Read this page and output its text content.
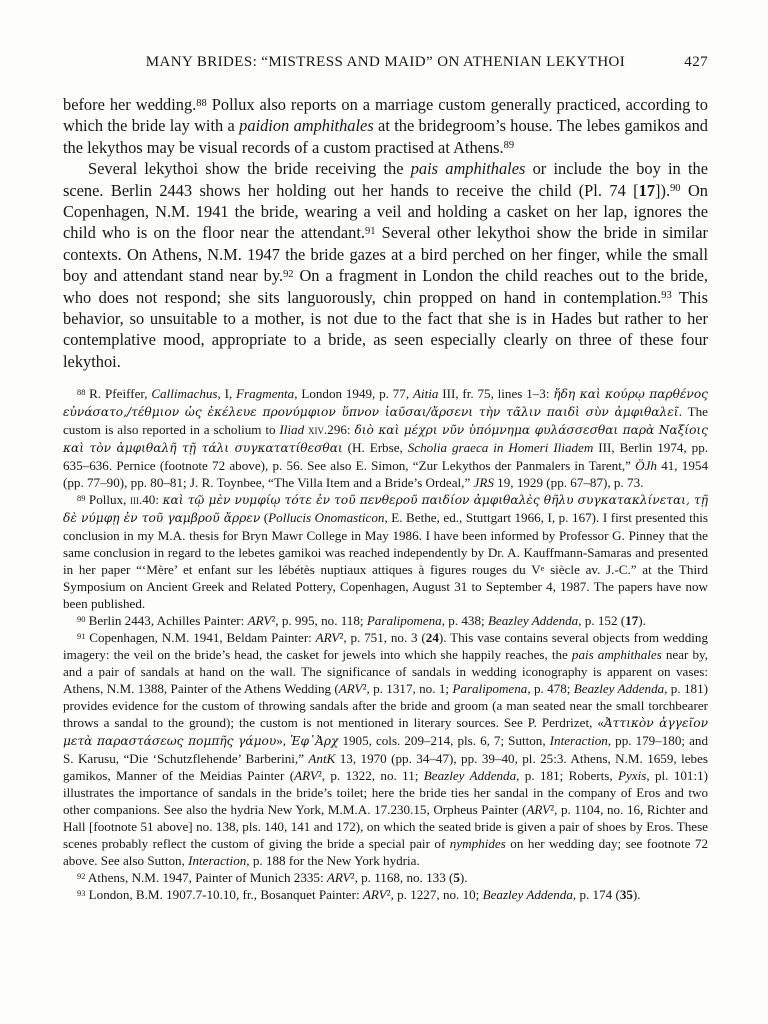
MANY BRIDES: “MISTRESS AND MAID” ON ATHENIAN LEKYTHOI	427

before her wedding.$^{88}$ Pollux also reports on a marriage custom generally practiced, according to which the bride lay with a paidion amphithales at the bridegroom’s house. The lebes gamikos and the lekythos may be visual records of a custom practised at Athens.$^{89}$

Several lekythoi show the bride receiving the pais amphithales or include the boy in the scene. Berlin 2443 shows her holding out her hands to receive the child (Pl. 74 [17]).$^{90}$ On Copenhagen, N.M. 1941 the bride, wearing a veil and holding a casket on her lap, ignores the child who is on the floor near the attendant.$^{91}$ Several other lekythoi show the bride in similar contexts. On Athens, N.M. 1947 the bride gazes at a bird perched on her finger, while the small boy and attendant stand near by.$^{92}$ On a fragment in London the child reaches out to the bride, who does not respond; she sits languorously, chin propped on hand in contemplation.$^{93}$ This behavior, so unsuitable to a mother, is not due to the fact that she is in Hades but rather to her contemplative mood, appropriate to a bride, as seen especially clearly on three of these four lekythoi.

$^{88}$ R. Pfeiffer, Callimachus, I, Fragmenta, London 1949, p. 77, Aitia III, fr. 75, lines 1–3: ἤδη καὶ κούρῳ παρθένος εὐνάσατο,/τέθμιον ὡς ἐκέλευε προνύμφιον ὕπνον ἰαῦσαι/ἄρσενι τὴν τᾶλιν παιδὶ σὺν ἀμφιθαλεῖ. The custom is also reported in a scholium to Iliad xiv.296: διὸ καὶ μέχρι νῦν ὑπόμνημα φυλάσσεσθαι παρὰ Ναξίοις καὶ τὸν ἀμφιθαλῆ τῇ τάλι συγκατατίθεσθαι (H. Erbse, Scholia graeca in Homeri Iliadem III, Berlin 1974, pp. 635–636. Pernice (footnote 72 above), p. 56. See also E. Simon, “Zur Lekythos der Panmalers in Tarent,” ÖJh 41, 1954 (pp. 77–90), pp. 80–81; J. R. Toynbee, “The Villa Item and a Bride’s Ordeal,” JRS 19, 1929 (pp. 67–87), p. 73.

$^{89}$ Pollux, iii.40: καὶ τῷ μὲν νυμφίῳ τότε ἐν τοῦ πενθεροῦ παιδίον ἀμφιθαλὲς θῆλυ συγκατακλίνεται, τῇ δὲ νύμφῃ ἐν τοῦ γαμβροῦ ἄρρεν (Pollucis Onomasticon, E. Bethe, ed., Stuttgart 1966, I, p. 167). I first presented this conclusion in my M.A. thesis for Bryn Mawr College in May 1986. I have been informed by Professor G. Pinney that the same conclusion in regard to the lebetes gamikoi was reached independently by Dr. A. Kauffmann-Samaras and presented in her paper “‘Mère’ et enfant sur les lébétès nuptiaux attiques à figures rouges du Ve siècle av. J.-C.” at the Third Symposium on Ancient Greek and Related Pottery, Copenhagen, August 31 to September 4, 1987. The papers have now been published.

$^{90}$ Berlin 2443, Achilles Painter: ARV², p. 995, no. 118; Paralipomena, p. 438; Beazley Addenda, p. 152 (17).

$^{91}$ Copenhagen, N.M. 1941, Beldam Painter: ARV², p. 751, no. 3 (24). This vase contains several objects from wedding imagery: the veil on the bride’s head, the casket for jewels into which she happily reaches, the pais amphithales near by, and a pair of sandals at hand on the wall. The significance of sandals in wedding iconography is apparent on vases: Athens, N.M. 1388, Painter of the Athens Wedding (ARV², p. 1317, no. 1; Paralipomena, p. 478; Beazley Addenda, p. 181) provides evidence for the custom of throwing sandals after the bride and groom (a man seated near the small torchbearer throws a sandal to the ground); the custom is not mentioned in literary sources. See P. Perdrizet, «Ἀττικὸν ἀγγεῖον μετὰ παραστάσεως πομπῆς γάμου», Ἐφ᾽Ἀρχ 1905, cols. 209–214, pls. 6, 7; Sutton, Interaction, pp. 179–180; and S. Karusu, “Die ‘Schutzflehende’ Barberini,” AntK 13, 1970 (pp. 34–47), pp. 39–40, pl. 25:3. Athens, N.M. 1659, lebes gamikos, Manner of the Meidias Painter (ARV², p. 1322, no. 11; Beazley Addenda, p. 181; Roberts, Pyxis, pl. 101:1) illustrates the importance of sandals in the bride’s toilet; here the bride ties her sandal in the company of Eros and two other companions. See also the hydria New York, M.M.A. 17.230.15, Orpheus Painter (ARV², p. 1104, no. 16, Richter and Hall [footnote 51 above] no. 138, pls. 140, 141 and 172), on which the seated bride is given a pair of shoes by Eros. These scenes probably reflect the custom of giving the bride a special pair of nymphides on her wedding day; see footnote 72 above. See also Sutton, Interaction, p. 188 for the New York hydria.

$^{92}$ Athens, N.M. 1947, Painter of Munich 2335: ARV², p. 1168, no. 133 (5).

$^{93}$ London, B.M. 1907.7-10.10, fr., Bosanquet Painter: ARV², p. 1227, no. 10; Beazley Addenda, p. 174 (35).
